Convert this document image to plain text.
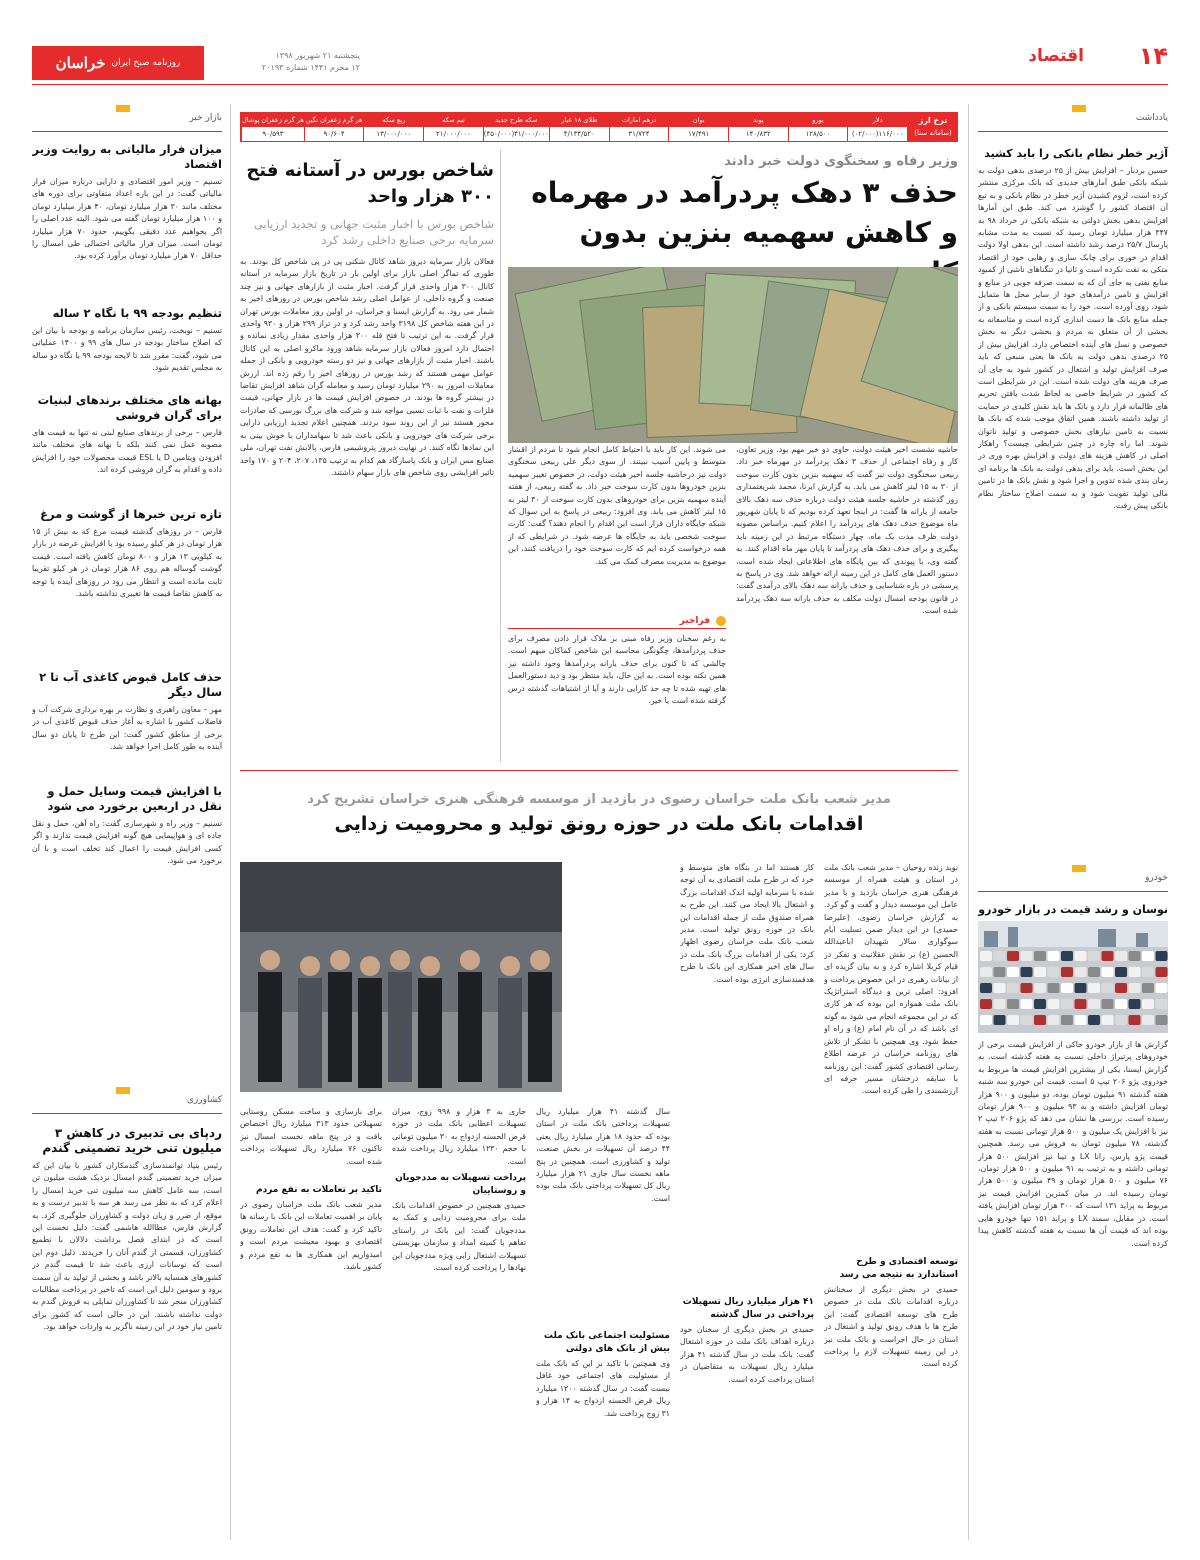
روزنامه صبح ایران
خراسان	پنجشنبه ۲۱ شهریور ۱۳۹۸
۱۲ محرم ۱۴۴۱ شماره ۲۰۱۹۳
اقتصاد ۱۴
نرخ ارز
(سامانه سنا)
دلار
۱۱۶/۰۰۰(۰۲/۰۰۰)
یورو
۱۲۸/۵۰۰
پوند
۱۴۰/۸۳۲
یوان
۱۷/۴۹۱
درهم امارات
۳۱/۷۲۴
طلای ۱۸ عیار
۴/۱۳۴/۵۲۰
سکه طرح جدید
۴۱/۰۰۰/۰۰۰(۴۵۰/۰۰۰)
نیم سکه
۲۱/۰۰۰/۰۰۰
ربع سکه
۱۳/۰۰۰/۰۰۰
هر گرم زعفران نگین
۹۰/۶۰۴
هر گرم زعفران پوشال
۹۰/۵۹۳
یادداشت
آژیر خطر نظام بانکی را باید کشید
حسین بردبار – افزایش بیش از ۲۵ درصدی بدهی دولت به شبکه بانکی طبق آمارهای جدیدی که بانک مرکزی منتشر کرده است، لزوم کشیدن آژیر خطر در نظام بانکی و به تبع آن اقتصاد کشور را گوشزد می کند. طبق این آمارها افزایش بدهی بخش دولتی به شبکه بانکی در خرداد ۹۸ به ۳۴۷ هزار میلیارد تومان رسید که نسبت به مدت مشابه پارسال ۲۵/۷ درصد رشد داشته است. این بدهی اولا دولت اقدام در خوری برای چابک سازی و رهایی خود از اقتصاد متکی به نفت نکرده است و ثانیا در تنگناهای ناشی از کمبود منابع نفتی به جای آن که به سمت صرفه جویی در منابع و افزایش و تامین درآمدهای خود از سایر محل ها متمایل شود، روی آورده است. خود را به سمت سیستم بانکی و از جمله منابع بانک ها دست اندازی کرده است و متاسفانه به بخشی از آن متعلق به مردم و بخشی دیگر به بخش خصوصی و نسل های آینده اختصاص دارد. افزایش بیش از ۲۵ درصدی بدهی دولت به بانک ها یعنی منبعی که باید صرف افزایش تولید و اشتغال در کشور شود به جای آن صرف هزینه های دولت شده است. این در شرایطی است که کشور در شرایط خاصی به لحاظ شدت یافتن تحریم های ظالمانه قرار دارد و بانک ها باید نقش کلیدی در حمایت از تولید داشته باشند. همین اتفاق موجب شده که بانک ها نسبت به تامین نیازهای بخش خصوصی و تولید ناتوان شوند. اما راه چاره در چنین شرایطی چیست؟ راهکار اصلی در کاهش هزینه های دولت و افزایش بهره وری در این بخش است. باید برای بدهی دولت به بانک ها برنامه ای زمان بندی شده تدوین و اجرا شود و نقش بانک ها در تامین مالی تولید تقویت شود و به سمت اصلاح ساختار نظام بانکی پیش رفت.
خودرو
نوسان و رشد قیمت در بازار خودرو
گزارش ها از بازار خودرو حاکی از افزایش قیمت برخی از خودروهای پرتیراژ داخلی نسبت به هفته گذشته است. به گزارش ایسنا، یکی از بیشترین افزایش قیمت ها مربوط به خودروی پژو ۲۰۶ تیپ ۵ است. قیمت این خودرو سه شنبه هفته گذشته ۹۱ میلیون تومان بوده، دو میلیون و ۹۰۰ هزار تومان افزایش داشته و به ۹۳ میلیون و ۹۰۰ هزار تومان رسیده است. بررسی ها نشان می دهد که پژو ۲۰۶ تیپ ۲ نیز با افزایش یک میلیون و ۵۰۰ هزار تومانی نسبت به هفته گذشته، ۷۸ میلیون تومان به فروش می رسد. همچنین قیمت پژو پارس، رانا LX و تیبا نیز افزایش ۵۰۰ هزار تومانی داشته و به ترتیب به ۹۱ میلیون و ۵۰۰ هزار تومان، ۷۶ میلیون و ۵۰۰ هزار تومان و ۴۹ میلیون و ۵۰۰ هزار تومان رسیده اند. در میان کمترین افزایش قیمت نیز مربوط به پراید ۱۳۱ است که ۳۰۰ هزار تومان افزایش یافته است. در مقابل، سمند LX و پراید ۱۵۱ تنها خودرو هایی بوده اند که قیمت آن ها نسبت به هفته گذشته کاهش پیدا کرده است.
وزیر رفاه و سخنگوی دولت خبر دادند
حذف ۳ دهک پردرآمد در مهرماه و کاهش سهمیه بنزین بدون
حاشیه نشست اخیر هیئت دولت، حاوی دو خبر مهم بود. وزیر تعاون، کار و رفاه اجتماعی از حذف ۳ دهک پردرآمد در مهرماه خبر داد. ربیعی سخنگوی دولت نیز گفت که سهمیه بنزین بدون کارت سوخت از ۳۰ به ۱۵ لیتر کاهش می یابد. به گزارش ایرنا، محمد شریعتمداری روز گذشته در حاشیه جلسه هیئت دولت درباره حذف سه دهک بالای جامعه از یارانه ها گفت: در اینجا تعهد کرده بودیم که تا پایان شهریور ماه موضوع حذف دهک های پردرآمد را اعلام کنیم. براساس مصوبه دولت ظرف مدت یک ماه، چهار دستگاه مرتبط در این زمینه باید پیگیری و برای حذف دهک های پردرآمد تا پایان مهر ماه اقدام کنند. به گفته وی، با پیوندی که بین پایگاه های اطلاعاتی ایجاد شده است، دستور العمل های کامل در این زمینه ارائه خواهد شد. وی در پاسخ به پرسشی در باره شناسایی و حذف یارانه سه دهک بالای درآمدی گفت: در قانون بودجه امسال دولت مکلف به حذف یارانه سه دهک پردرآمد شده است.
می شوند. این کار باید با احتیاط کامل انجام شود تا مردم از اقشار متوسط و پایین آسیب نبینند. از سوی دیگر علی ربیعی سخنگوی دولت نیز درحاشیه جلسه اخیر هیئت دولت، در خصوص تغییر سهمیه بنزین خودروها بدون کارت سوخت خبر داد. به گفته ربیعی، از هفته آینده سهمیه بنزین برای خودروهای بدون کارت سوخت از ۳۰ لیتر به ۱۵ لیتر کاهش می یابد. وی افزود: ربیعی در پاسخ به این سوال که شبکه جایگاه داران قرار است این اقدام را انجام دهند؟ گفت: کارت سوخت شخصی باید به جایگاه ها عرضه شود. در شرایطی که از همه درخواست کرده ایم که کارت سوخت خود را دریافت کنند، این موضوع به مدیریت مصرف کمک می کند.
فراخبر
به رغم سخنان وزیر رفاه مبنی بر ملاک قرار دادن مصرف برای حذف پردرآمدها، چگونگی محاسبه این شاخص کماکان مبهم است. چالشی که تا کنون برای حذف یارانه پردرآمدها وجود داشته نیز همین نکته بوده است. به این حال، باید منتظر بود و دید دستورالعمل های تهیه شده تا چه حد کارایی دارند و آیا از اشتباهات گذشته درس گرفته شده است یا خیر.
شاخص بورس در آستانه فتح ۳۰۰ هزار واحد
شاخص بورس با اخبار مثبت جهانی و تجدید ارزیابی سرمایه برخی صنایع داخلی رشد کرد
فعالان بازار سرمایه دیروز شاهد کانال شکنی پی در پی شاخص کل بودند. به طوری که تماگر اصلی بازار برای اولین بار در تاریخ بازار سرمایه در آستانه کانال ۳۰۰ هزار واحدی قرار گرفت. اخبار مثبت از بازارهای جهانی و نیز چند صنعت و گروه داخلی، از عوامل اصلی رشد شاخص بورس در روزهای اخیر به شمار می رود. به گزارش ایسنا و خراسان، در اولین روز معاملات بورس تهران در این هفته شاخص کل ۳۱۹۸ واحد رشد کرد و در تراز ۲۹۹ هزار و ۹۳۰ واحدی قرار گرفت. به این ترتیب تا فتح قله ۳۰۰ هزار واحدی مقدار زیادی نمانده و احتمال دارد امروز فعالان بازار سرمایه شاهد ورود ماکرو اصلی به این کانال باشند. اخبار مثبت از بازارهای جهانی و نیز دو رسته خودرویی و بانکی از جمله عوامل مهمی هستند که رشد بورس در روزهای اخیر را رقم زده اند. ارزش معاملات امروز به ۲۹۰ میلیارد تومان رسید و معامله گران شاهد افزایش تقاضا در بیشتر گروه ها بودند. در خصوص افزایش قیمت ها در بازار جهانی، قیمت فلزات و نفت با ثبات نسبی مواجه شد و شرکت های بزرگ بورسی که صادرات محور هستند نیز از این روند سود بردند. همچنین اعلام تجدید ارزیابی دارایی برخی شرکت های خودرویی و بانکی باعث شد تا سهامداران با خوش بینی به این نمادها نگاه کنند. در نهایت دیروز پتروشیمی فارس، پالایش نفت تهران، ملی صنایع مس ایران و بانک پاسارگاد هم کدام به ترتیب ۱۳۵، ۲۰۷، ۲۰۴ و ۱۷۰ واحد تاثیر افزایشی روی شاخص های بازار سهام داشتند.
بازار خبر
میزان فرار مالیاتی به روایت وزیر اقتصاد
تسنیم – وزیر امور اقتصادی و دارایی درباره میزان فرار مالیاتی گفت: در این باره اعداد متفاوتی برای دوره های مختلف مانند ۳۰ هزار میلیارد تومان، ۴۰ هزار میلیارد تومان و ۱۰۰ هزار میلیارد تومان گفته می شود. البته عدد اصلی را اگر بخواهیم عدد دقیقی بگوییم، حدود ۷۰ هزار میلیارد تومان است. میزان فرار مالیاتی احتمالی طی امسال را حداقل ۷۰ هزار میلیارد تومان برآورد کرده بود.
تنظیم بودجه ۹۹ با نگاه ۲ ساله
تسنیم – نوبخت، رئیس سازمان برنامه و بودجه با بیان این که اصلاح ساختار بودجه در سال های ۹۹ و ۱۴۰۰ عملیاتی می شود، گفت: مقرر شد تا لایحه بودجه ۹۹ با نگاه دو ساله به مجلس تقدیم شود.
بهانه های مختلف برندهای لبنیات برای گران فروشی
فارس – برخی از برندهای صنایع لبنی نه تنها به قیمت های مصوبه عمل نمی کنند بلکه با بهانه های مختلف مانند افزودن ویتامین D یا ESL قیمت محصولات خود را افزایش داده و اقدام به گران فروشی کرده اند.
تازه ترین خبرها از گوشت و مرغ
فارس – در روزهای گذشته قیمت مرغ که به بیش از ۱۵ هزار تومان در هر کیلو رسیده بود با افزایش عرضه در بازار به کیلویی ۱۳ هزار و ۸۰۰ تومان کاهش یافته است. قیمت گوشت گوساله هم روی ۸۶ هزار تومان در هر کیلو تقریبا ثابت مانده است و انتظار می رود در روزهای آینده با توجه به کاهش تقاضا قیمت ها تغییری نداشته باشد.
حذف کامل قبوض کاغذی آب تا ۲ سال دیگر
مهر – معاون راهبری و نظارت بر بهره برداری شرکت آب و فاضلاب کشور با اشاره به آغاز حذف قبوض کاغذی آب در برخی از مناطق کشور گفت: این طرح تا پایان دو سال آینده به طور کامل اجرا خواهد شد.
با افزایش قیمت وسایل حمل و نقل در اربعین برخورد می شود
تسنیم – وزیر راه و شهرسازی گفت: راه آهن، حمل و نقل جاده ای و هواپیمایی هیچ گونه افزایش قیمت ندارند و اگر کسی افزایش قیمت را اعمال کند تخلف است و با آن برخورد می شود.
کشاورزی
ردپای بی تدبیری در کاهش ۳ میلیون تنی خرید تضمینی گندم
رئیس بنیاد توانمندسازی گندمکاران کشور با بیان این که میزان خرید تضمینی گندم امسال نزدیک هشت میلیون تن است، سه عامل کاهش سه میلیون تنی خرید امسال را اعلام کرد که به نظر می رسد هر سه با تدبیر درست و به موقع، از ضرر و زیان دولت و کشاورزان جلوگیری کرد. به گزارش فارس، عطاالله هاشمی گفت: دلیل نخست این است که در ابتدای فصل برداشت دلالان با تطمیع کشاورزان، قسمتی از گندم آنان را خریدند. دلیل دوم این است که نوسانات ارزی باعث شد تا قیمت گندم در کشورهای همسایه بالاتر باشد و بخشی از تولید به آن سمت برود و سومین دلیل این است که تاخیر در پرداخت مطالبات کشاورزان منجر شد تا کشاورزان تمایلی به فروش گندم به دولت نداشته باشند. این در حالی است که کشور برای تامین نیاز خود در این زمینه ناگزیر به واردات خواهد بود.
مدیر شعب بانک ملت خراسان رضوی در بازدید از موسسه فرهنگی هنری خراسان تشریح کرد
اقدامات بانک ملت در حوزه رونق تولید و محرومیت زدایی
نوید زنده روحیان – مدیر شعب بانک ملت در استان و هیئت همراه از موسسه فرهنگی هنری خراسان بازدید و با مدیر عامل این موسسه دیدار و گفت و گو کرد. به گزارش خراسان رضوی، (علیرضا حمیدی) در این دیدار ضمن تسلیت ایام سوگواری سالار شهیدان اباعبدالله الحسین (ع) بر نقش عقلانیت و تفکر در قیام کربلا اشاره کرد و به بیان گزیده ای از بیانات رهبری در این خصوص پرداخت و افزود: اصلی ترین و دیدگاه استراتژیک بانک ملت همواره این بوده که هر کاری که در این مجموعه انجام می شود به گونه ای باشد که در آن نام امام (ع) و راه او حفظ شود. وی همچنین با تشکر از تلاش های روزنامه خراسان در عرصه اطلاع رسانی اقتصادی کشور گفت: این روزنامه با سابقه درخشان مسیر حرفه ای ارزشمندی را طی کرده است.
توسعه اقتصادی و طرح استاندارد به نتیجه می رسد
حمیدی در بخش دیگری از سخنانش درباره اقدامات بانک ملت در خصوص طرح های توسعه اقتصادی گفت: این طرح ها با هدف رونق تولید و اشتغال در استان در حال اجراست و بانک ملت نیز در این زمینه تسهیلات لازم را پرداخت کرده است.
کار هستند اما در بنگاه های متوسط و خرد که در طرح ملت اقتصادی به آن توجه شده با سرمایه اولیه اندک اقدامات بزرگ و اشتغال بالا ایجاد می کنند. این طرح به همراه صندوق ملت از جمله اقدامات این بانک در حوزه رونق تولید است. مدیر شعب بانک ملت خراسان رضوی اظهار کرد: یکی از اقدامات بزرگ بانک ملت در سال های اخیر همکاری این بانک با طرح هدفمندسازی انرژی بوده است.
۴۱ هزار میلیارد ریال تسهیلات پرداختی در سال گذشته
حمیدی در بخش دیگری از سخنان خود درباره اهداف بانک ملت در حوزه اشتغال گفت: بانک ملت در سال گذشته ۴۱ هزار میلیارد ریال تسهیلات به متقاضیان در استان پرداخت کرده است.
سال گذشته ۴۱ هزار میلیارد ریال تسهیلات پرداختی بانک ملت در استان بوده که حدود ۱۸ هزار میلیارد ریال یعنی ۴۴ درصد آن تسهیلات در بخش صنعت، تولید و کشاورزی است. همچنین در پنج ماهه نخست سال جاری ۲۱ هزار میلیارد ریال کل تسهیلات پرداختی بانک ملت بوده است.
مسئولیت اجتماعی بانک ملت بیش از بانک های دولتی
وی همچنین با تاکید بر این که بانک ملت از مسئولیت های اجتماعی خود غافل نیست گفت: در سال گذشته ۱۲۰۰ میلیارد ریال قرض الحسنه ازدواج به ۱۴ هزار و ۳۱ زوج پرداخت شد.
جاری به ۳ هزار و ۹۹۸ زوج، میزان تسهیلات اعطایی بانک ملت در حوزه قرض الحسنه ازدواج به ۳۰ میلیون تومانی با حجم ۱۲۳۰ میلیارد ریال پرداخت شده است.
پرداخت تسهیلات به مددجویان و روستاییان
حمیدی همچنین در خصوص اقدامات بانک ملت برای محرومیت زدایی و کمک به مددجویان گفت: این بانک در راستای تفاهم با کمیته امداد و سازمان بهزیستی تسهیلات اشتغال زایی ویژه مددجویان این نهادها را پرداخت کرده است.
برای بازسازی و ساخت مسکن روستایی تسهیلاتی حدود ۳۱۳ میلیارد ریال اختصاص یافت و در پنج ماهه نخست امسال نیز تاکنون ۷۶ میلیارد ریال تسهیلات پرداخت شده است.
تاکید بر تعاملات به نفع مردم
مدیر شعب بانک ملت خراسان رضوی در پایان بر اهمیت تعاملات این بانک با رسانه ها تاکید کرد و گفت: هدف این تعاملات رونق اقتصادی و بهبود معیشت مردم است و امیدواریم این همکاری ها به نفع مردم و کشور باشد.
